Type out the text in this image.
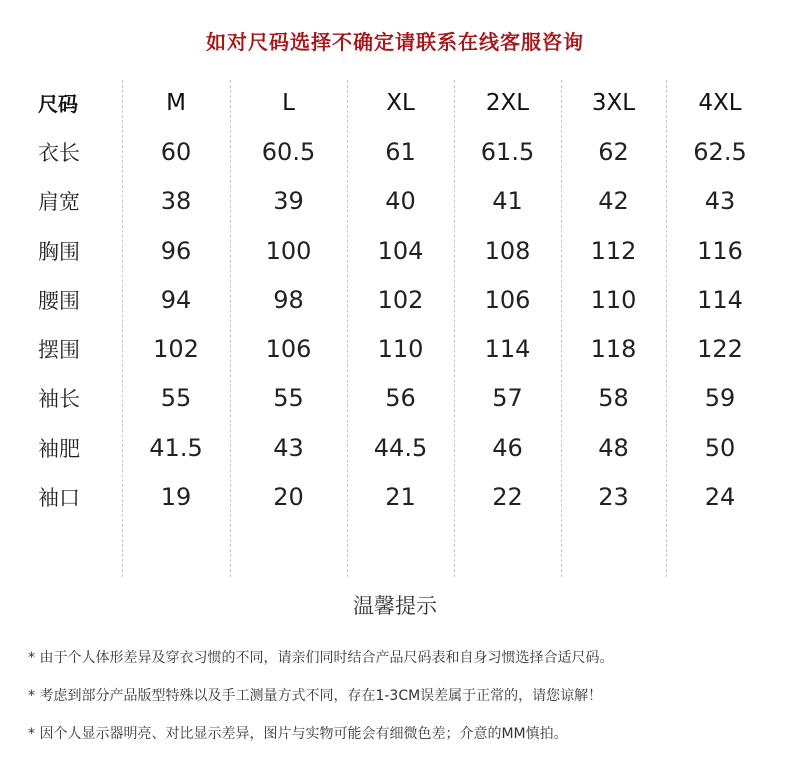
如对尺码选择不确定请联系在线客服咨询
尺码	M	L	XL	2XL	3XL	4XL
衣长	60	60.5	61	61.5	62	62.5
肩宽	38	39	40	41	42	43
胸围	96	100	104	108	112	116
腰围	94	98	102	106	110	114
摆围	102	106	110	114	118	122
袖长	55	55	56	57	58	59
袖肥	41.5	43	44.5	46	48	50
袖口	19	20	21	22	23	24
温馨提示
* 由于个人体形差异及穿衣习惯的不同，请亲们同时结合产品尺码表和自身习惯选择合适尺码。
* 考虑到部分产品版型特殊以及手工测量方式不同，存在1-3CM误差属于正常的，请您谅解！
* 因个人显示器明亮、对比显示差异，图片与实物可能会有细微色差；介意的MM慎拍。
